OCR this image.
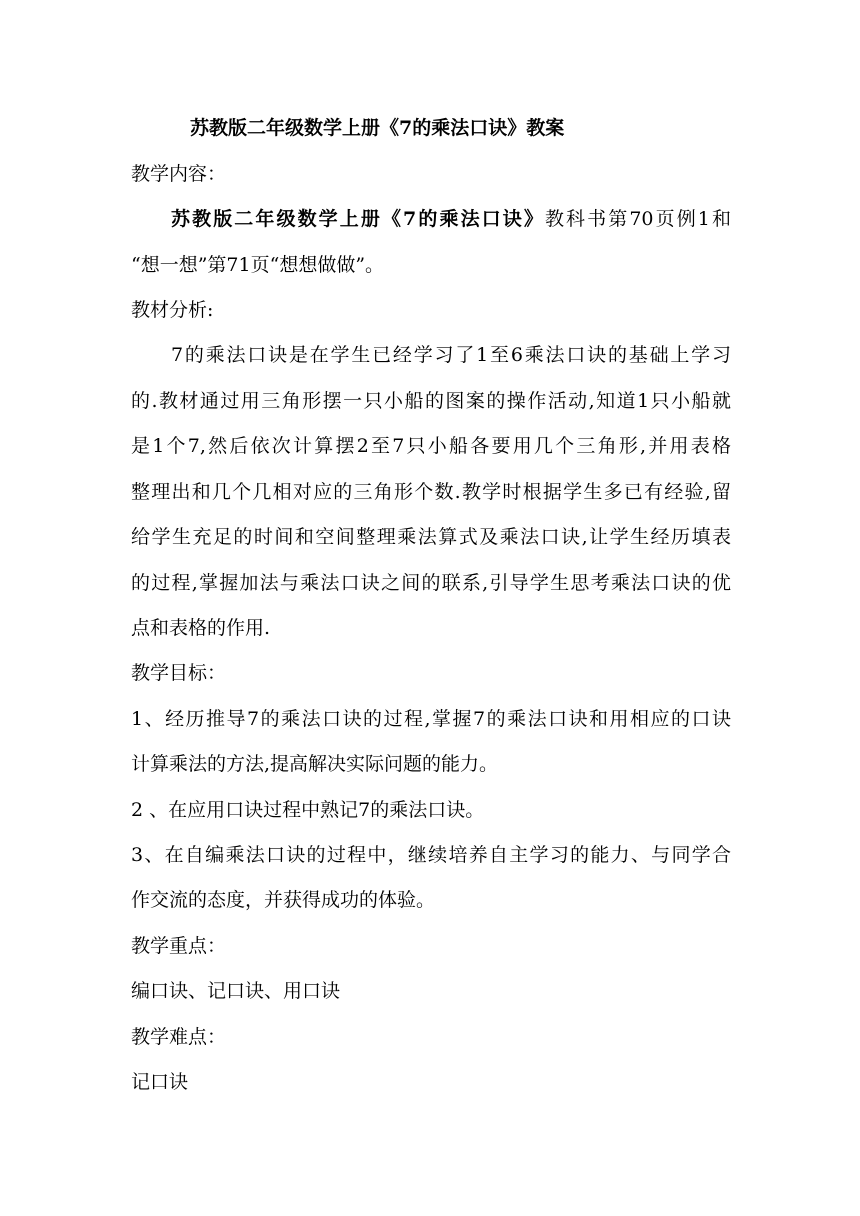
苏教版二年级数学上册《7的乘法口诀》教案
教学内容：
苏教版二年级数学上册《7的乘法口诀》教科书第70页例1和
“想一想”第71页“想想做做”。
教材分析:
7的乘法口诀是在学生已经学习了1至6乘法口诀的基础上学习
的.教材通过用三角形摆一只小船的图案的操作活动,知道1只小船就
是1个7,然后依次计算摆2至7只小船各要用几个三角形,并用表格
整理出和几个几相对应的三角形个数.教学时根据学生多已有经验,留
给学生充足的时间和空间整理乘法算式及乘法口诀,让学生经历填表
的过程,掌握加法与乘法口诀之间的联系,引导学生思考乘法口诀的优
点和表格的作用.
教学目标：
1、经历推导7的乘法口诀的过程,掌握7的乘法口诀和用相应的口诀
计算乘法的方法,提高解决实际问题的能力。
2 、在应用口诀过程中熟记7的乘法口诀。
3、在自编乘法口诀的过程中，继续培养自主学习的能力、与同学合
作交流的态度，并获得成功的体验。
教学重点：
编口诀、记口诀、用口诀
教学难点：
记口诀
